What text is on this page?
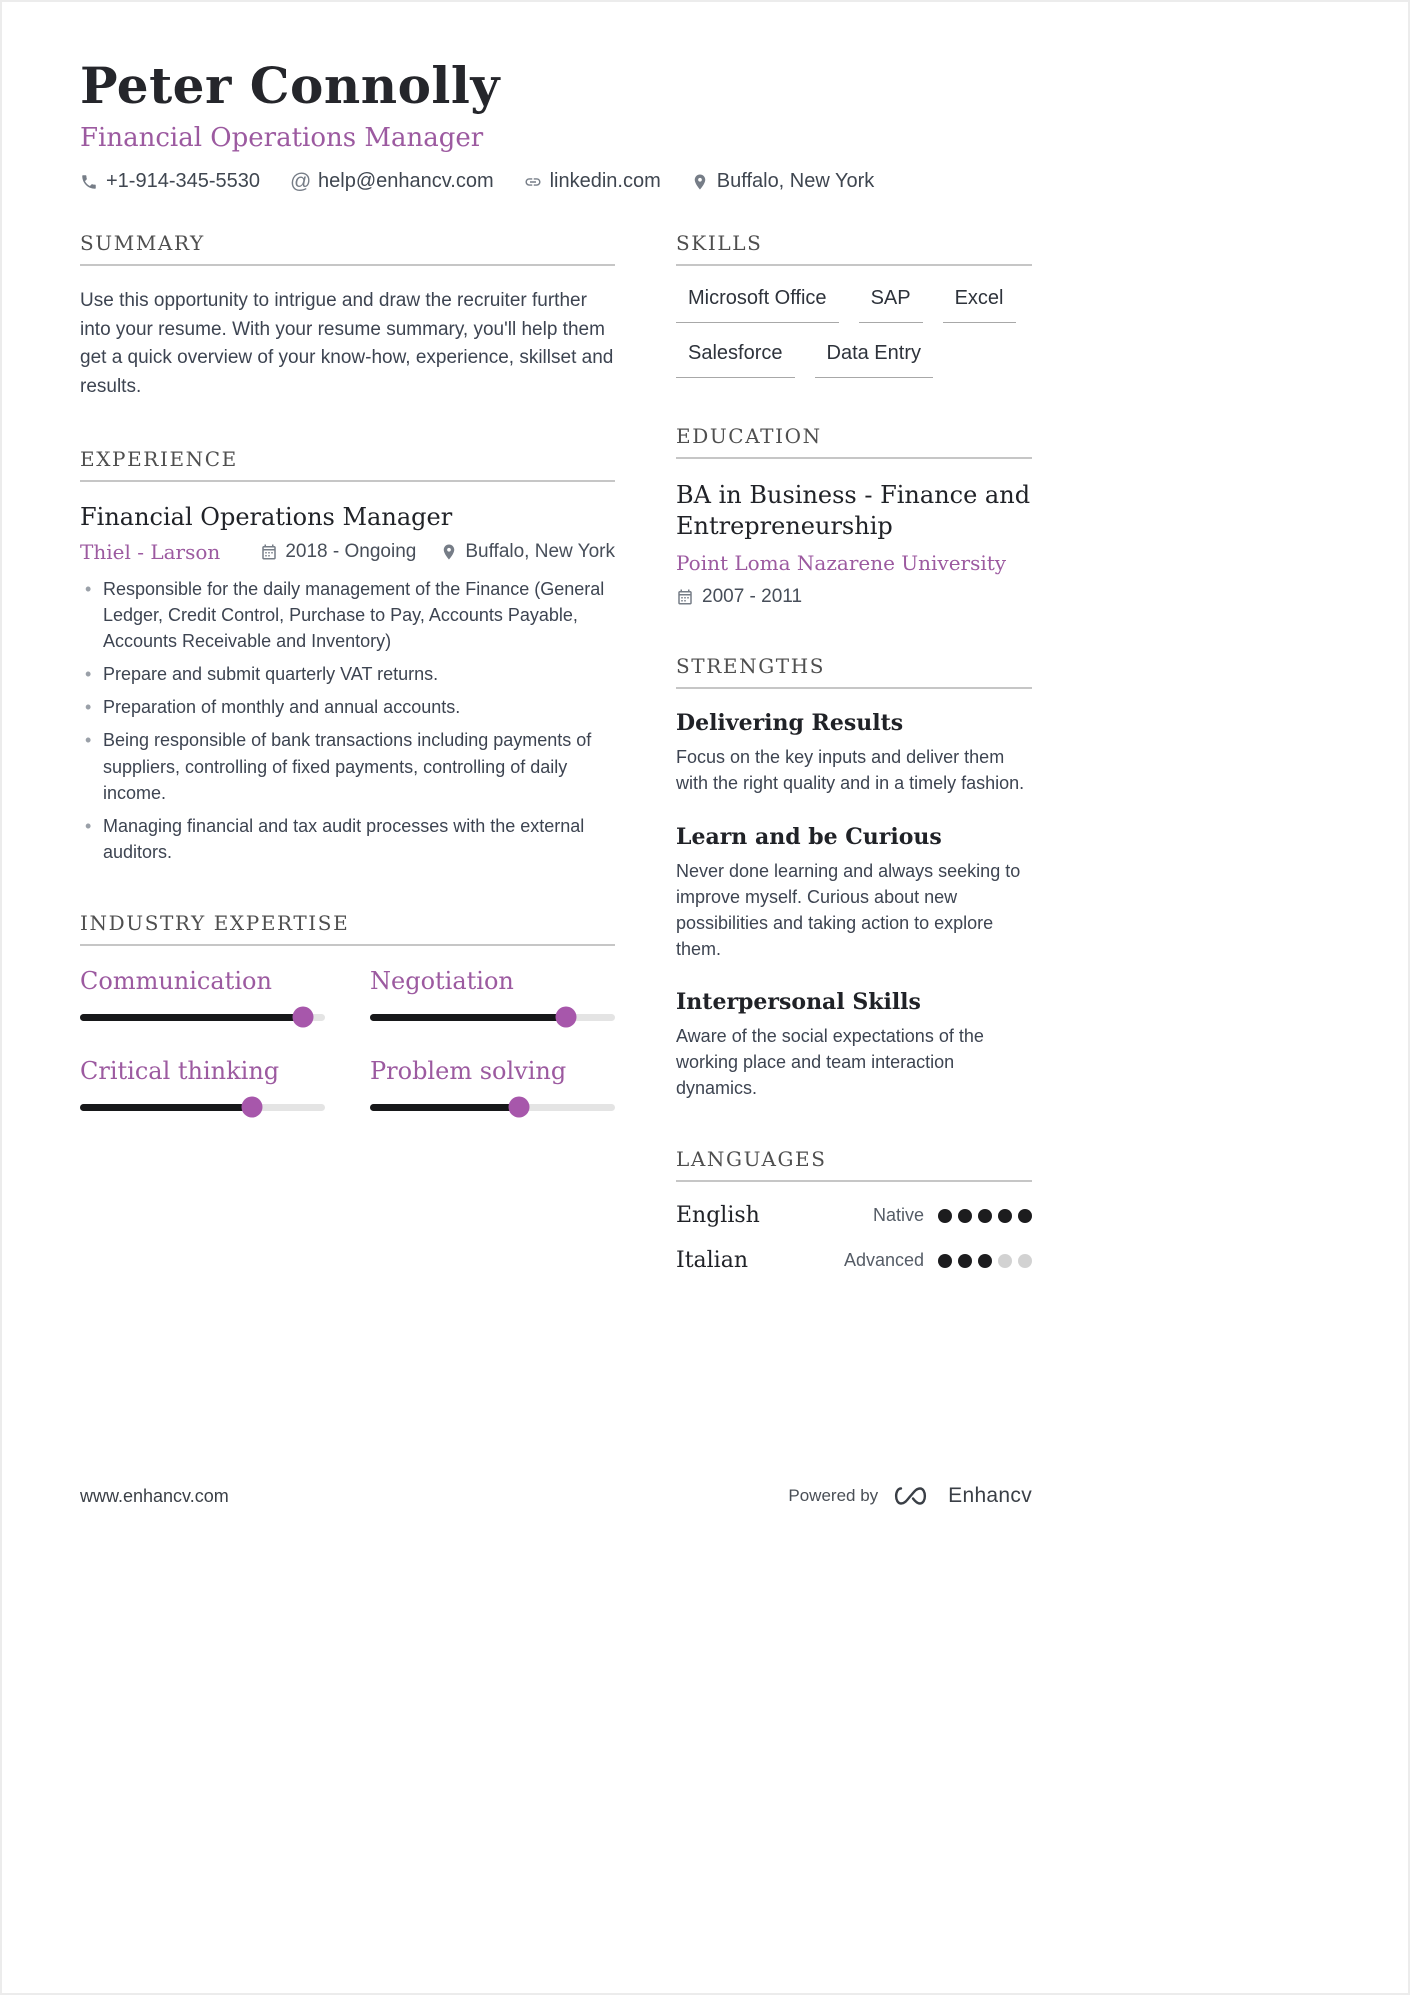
Peter Connolly
Financial Operations Manager
+1-914-345-5530 @ help@enhancv.com	linkedin.com	Buffalo, New York
SUMMARY
Use this opportunity to intrigue and draw the recruiter further into your resume. With your resume summary, you'll help them get a quick overview of your know-how, experience, skillset and results.
EXPERIENCE
Financial Operations Manager
Thiel - Larson	2018 - Ongoing	Buffalo, New York
• Responsible for the daily management of the Finance (General Ledger, Credit Control, Purchase to Pay, Accounts Payable, Accounts Receivable and Inventory)
• Prepare and submit quarterly VAT returns.
• Preparation of monthly and annual accounts.
• Being responsible of bank transactions including payments of suppliers, controlling of fixed payments, controlling of daily income.
• Managing financial and tax audit processes with the external auditors.
INDUSTRY EXPERTISE
Communication	Negotiation
Critical thinking	Problem solving
SKILLS
Microsoft Office	SAP	Excel
Salesforce	Data Entry
EDUCATION
BA in Business - Finance and Entrepreneurship
Point Loma Nazarene University
2007 - 2011
STRENGTHS
Delivering Results
Focus on the key inputs and deliver them with the right quality and in a timely fashion.
Learn and be Curious
Never done learning and always seeking to improve myself. Curious about new possibilities and taking action to explore them.
Interpersonal Skills
Aware of the social expectations of the working place and team interaction dynamics.
LANGUAGES
English	Native
Italian	Advanced
www.enhancv.com	Powered by	Enhancv
